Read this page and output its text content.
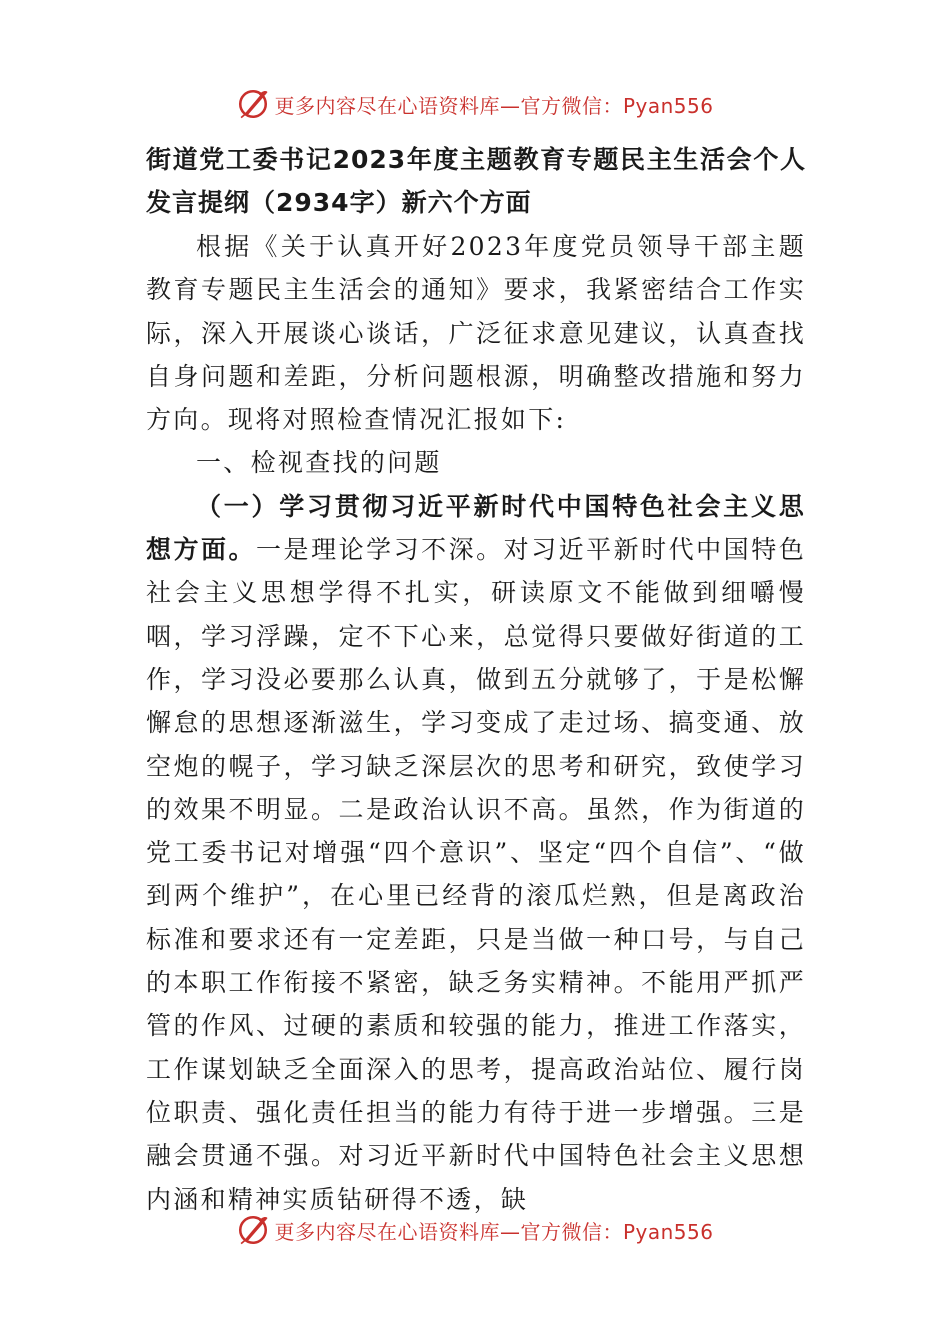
更多内容尽在心语资料库—官方微信：Pyan556
街道党工委书记2023年度主题教育专题民主生活会个人发言提纲（2934字）新六个方面

根据《关于认真开好2023年度党员领导干部主题教育专题民主生活会的通知》要求，我紧密结合工作实际，深入开展谈心谈话，广泛征求意见建议，认真查找自身问题和差距，分析问题根源，明确整改措施和努力方向。现将对照检查情况汇报如下:

一、检视查找的问题

（一）学习贯彻习近平新时代中国特色社会主义思想方面。一是理论学习不深。对习近平新时代中国特色社会主义思想学得不扎实，研读原文不能做到细嚼慢咽，学习浮躁，定不下心来，总觉得只要做好街道的工作，学习没必要那么认真，做到五分就够了，于是松懈懈怠的思想逐渐滋生，学习变成了走过场、搞变通、放空炮的幌子，学习缺乏深层次的思考和研究，致使学习的效果不明显。二是政治认识不高。虽然，作为街道的党工委书记对增强“四个意识”、坚定“四个自信”、“做到两个维护”，在心里已经背的滚瓜烂熟，但是离政治标准和要求还有一定差距，只是当做一种口号，与自己的本职工作衔接不紧密，缺乏务实精神。不能用严抓严管的作风、过硬的素质和较强的能力，推进工作落实，工作谋划缺乏全面深入的思考，提高政治站位、履行岗位职责、强化责任担当的能力有待于进一步增强。三是融会贯通不强。对习近平新时代中国特色社会主义思想内涵和精神实质钻研得不透，缺

更多内容尽在心语资料库—官方微信：Pyan556
